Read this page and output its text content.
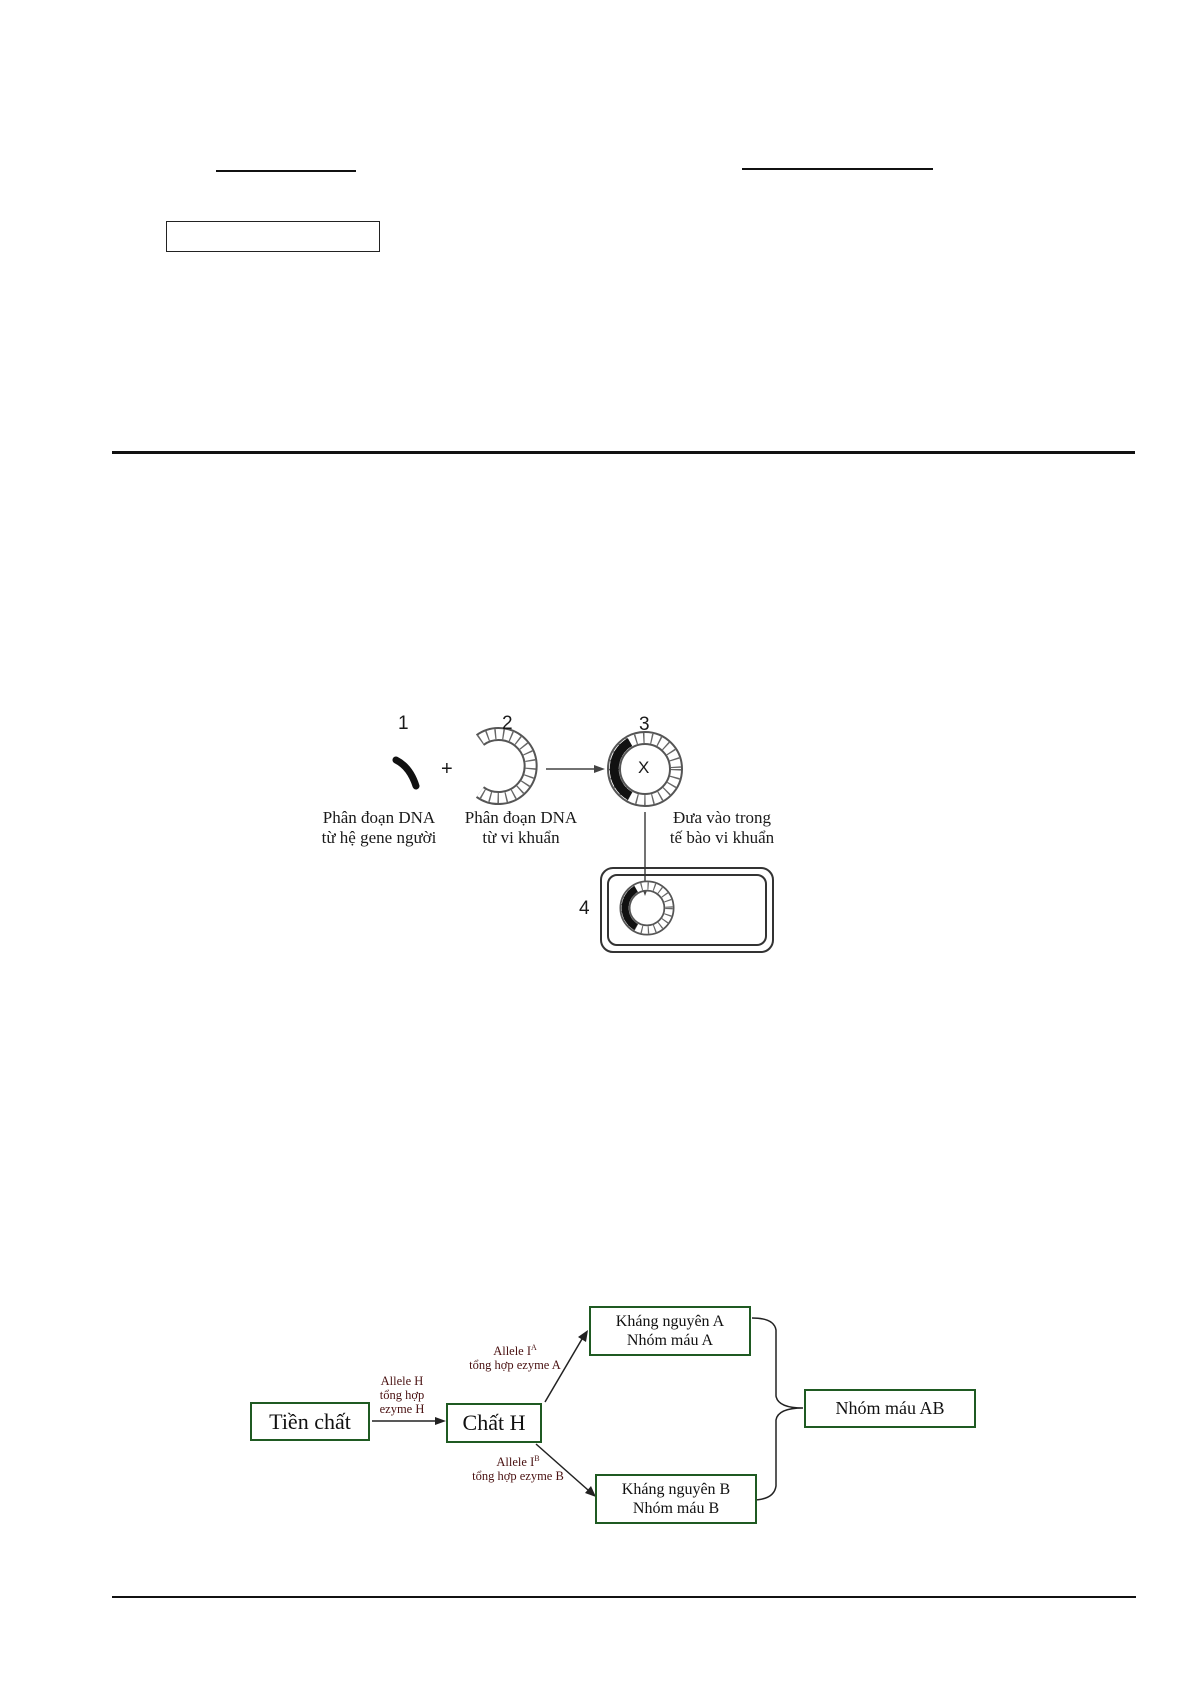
1	2	3
4
+	X
Phân đoạn DNA
từ hệ gene người
Phân đoạn DNA
từ vi khuẩn
Đưa vào trong
tế bào vi khuẩn
Tiền chất
Allele H
tổng hợp
ezyme H
Chất H
Allele $I^A$
tổng hợp ezyme A
Allele $I^B$
tổng hợp ezyme B
Kháng nguyên A
Nhóm máu A
Kháng nguyên B
Nhóm máu B
Nhóm máu AB
